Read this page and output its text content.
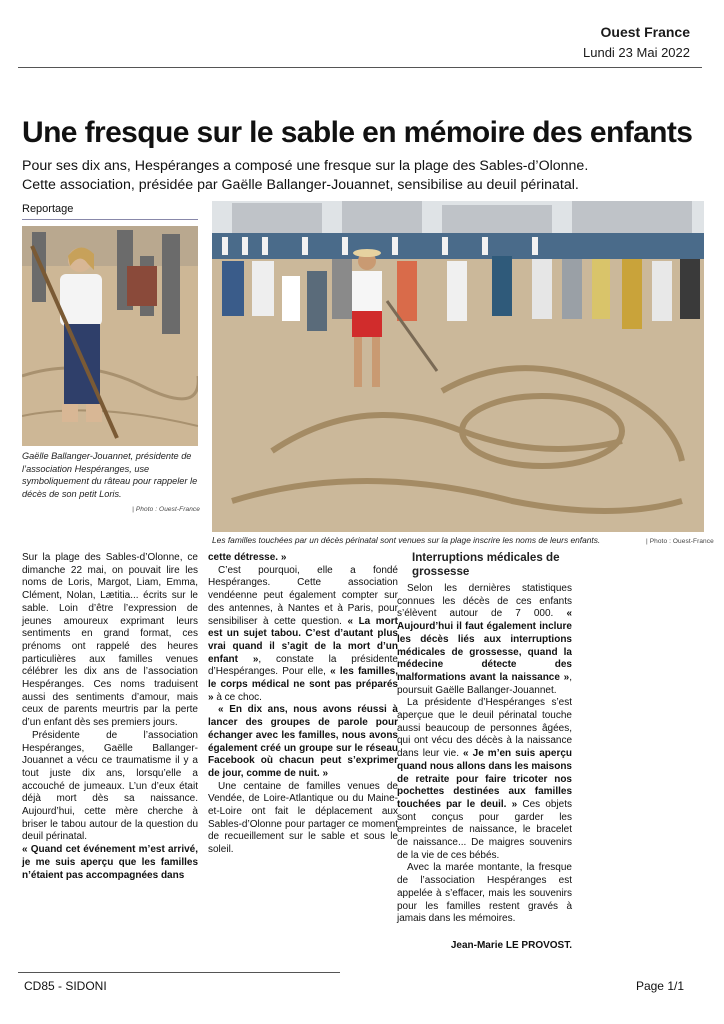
Ouest France
Lundi 23 Mai 2022
Une fresque sur le sable en mémoire des enfants
Pour ses dix ans, Hespéranges a composé une fresque sur la plage des Sables-d’Olonne.
Cette association, présidée par Gaëlle Ballanger-Jouannet, sensibilise au deuil périnatal.
Reportage
Gaëlle Ballanger-Jouannet, présidente de l’association Hespéranges, use symboliquement du râteau pour rappeler le décès de son petit Loris.
| Photo : Ouest-France
Les familles touchées par un décès périnatal sont venues sur la plage inscrire les noms de leurs enfants.	| Photo : Ouest-France

Sur la plage des Sables-d’Olonne, ce dimanche 22 mai, on pouvait lire les noms de Loris, Margot, Liam, Emma, Clément, Nolan, Lætitia... écrits sur le sable. Loin d’être l’expression de jeunes amoureux exprimant leurs sentiments en grand format, ces prénoms ont rappelé des heures particulières aux familles venues célébrer les dix ans de l’association Hespéranges. Ces noms traduisent aussi des sentiments d’amour, mais ceux de parents meurtris par la perte d’un enfant dès ses premiers jours.

Présidente de l’association Hespéranges, Gaëlle Ballanger-Jouannet a vécu ce traumatisme il y a tout juste dix ans, lorsqu’elle a accouché de jumeaux. L’un d’eux était déjà mort dès sa naissance. Aujourd’hui, cette mère cherche à briser le tabou autour de la question du deuil périnatal.

« Quand cet événement m’est arrivé, je me suis aperçu que les familles n’étaient pas accompagnées dans

cette détresse. »

C’est pourquoi, elle a fondé Hespéranges. Cette association vendéenne peut également compter sur des antennes, à Nantes et à Paris, pour sensibiliser à cette question. « La mort est un sujet tabou. C’est d’autant plus vrai quand il s’agit de la mort d’un enfant », constate la présidente d’Hespéranges. Pour elle, « les familles, le corps médical ne sont pas préparés » à ce choc.

« En dix ans, nous avons réussi à lancer des groupes de parole pour échanger avec les familles, nous avons également créé un groupe sur le réseau Facebook où chacun peut s’exprimer de jour, comme de nuit. »

Une centaine de familles venues de Vendée, de Loire-Atlantique ou du Maine-et-Loire ont fait le déplacement aux Sables-d’Olonne pour partager ce moment de recueillement sur le sable et sous le soleil.

Interruptions médicales de grossesse

Selon les dernières statistiques connues les décès de ces enfants s’élèvent autour de 7 000. « Aujourd’hui il faut également inclure les décès liés aux interruptions médicales de grossesse, quand la médecine détecte des malformations avant la naissance », poursuit Gaëlle Ballanger-Jouannet.

La présidente d’Hespéranges s’est aperçue que le deuil périnatal touche aussi beaucoup de personnes âgées, qui ont vécu des décès à la naissance dans leur vie. « Je m’en suis aperçu quand nous allons dans les maisons de retraite pour faire tricoter nos pochettes destinées aux familles touchées par le deuil. » Ces objets sont conçus pour garder les empreintes de naissance, le bracelet de naissance... De maigres souvenirs de la vie de ces bébés.

Avec la marée montante, la fresque de l’association Hespéranges est appelée à s’effacer, mais les souvenirs pour les familles restent gravés à jamais dans les mémoires.

Jean-Marie LE PROVOST.
CD85 - SIDONI	Page 1/1
